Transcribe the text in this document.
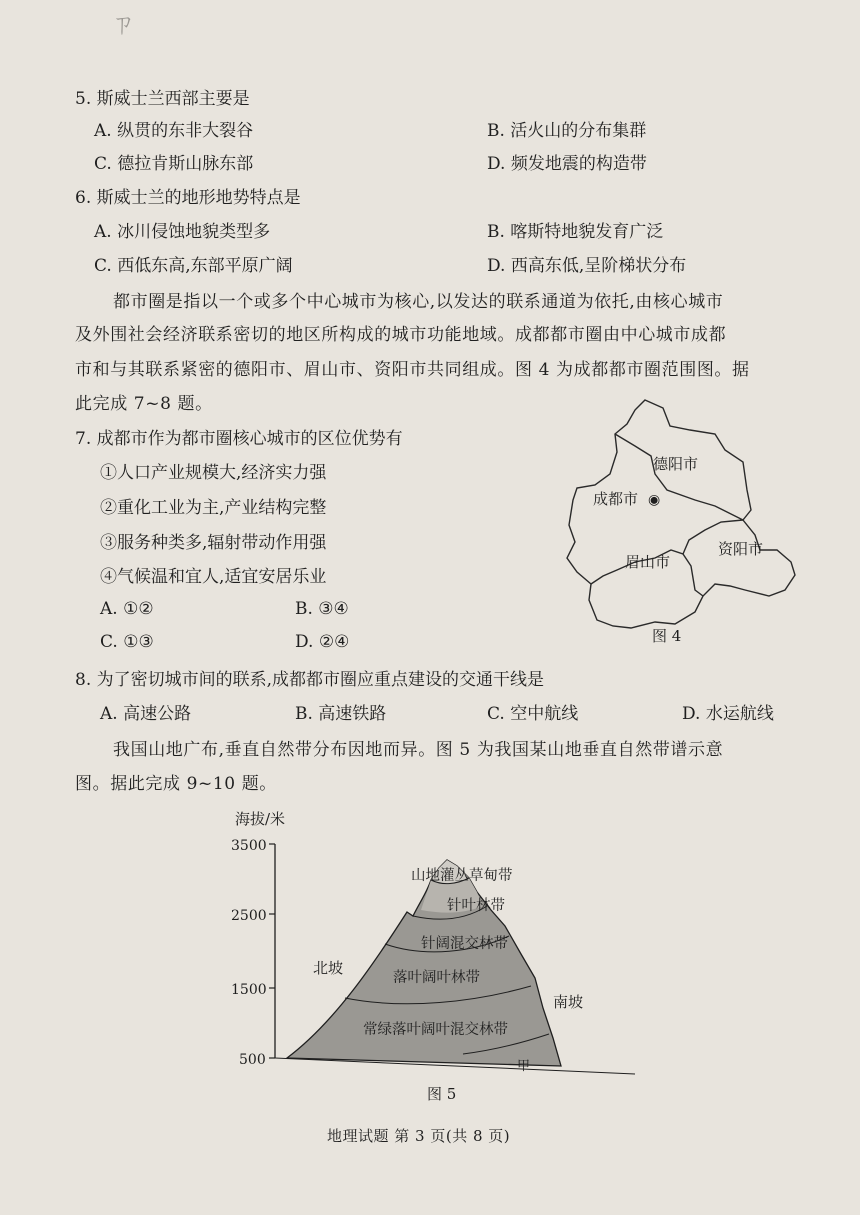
ㄗ
5. 斯威士兰西部主要是
A. 纵贯的东非大裂谷	B. 活火山的分布集群
C. 德拉肯斯山脉东部	D. 频发地震的构造带
6. 斯威士兰的地形地势特点是
A. 冰川侵蚀地貌类型多	B. 喀斯特地貌发育广泛
C. 西低东高,东部平原广阔	D. 西高东低,呈阶梯状分布
都市圈是指以一个或多个中心城市为核心,以发达的联系通道为依托,由核心城市
及外围社会经济联系密切的地区所构成的城市功能地域。成都都市圈由中心城市成都
市和与其联系紧密的德阳市、眉山市、资阳市共同组成。图 4 为成都都市圈范围图。据
此完成 7~8 题。
7. 成都市作为都市圈核心城市的区位优势有
①人口产业规模大,经济实力强
②重化工业为主,产业结构完整
③服务种类多,辐射带动作用强
④气候温和宜人,适宜安居乐业
A. ①②	B. ③④
C. ①③	D. ②④
德阳市
成都市 ◉
眉山市
资阳市
图 4
8. 为了密切城市间的联系,成都都市圈应重点建设的交通干线是
A. 高速公路	B. 高速铁路	C. 空中航线	D. 水运航线
我国山地广布,垂直自然带分布因地而异。图 5 为我国某山地垂直自然带谱示意
图。据此完成 9~10 题。
海拔/米
3500
2500
1500
500
山地灌丛草甸带
针叶林带
针阔混交林带
落叶阔叶林带
常绿落叶阔叶混交林带
甲
北坡
南坡
图 5
地理试题 第 3 页(共 8 页)
